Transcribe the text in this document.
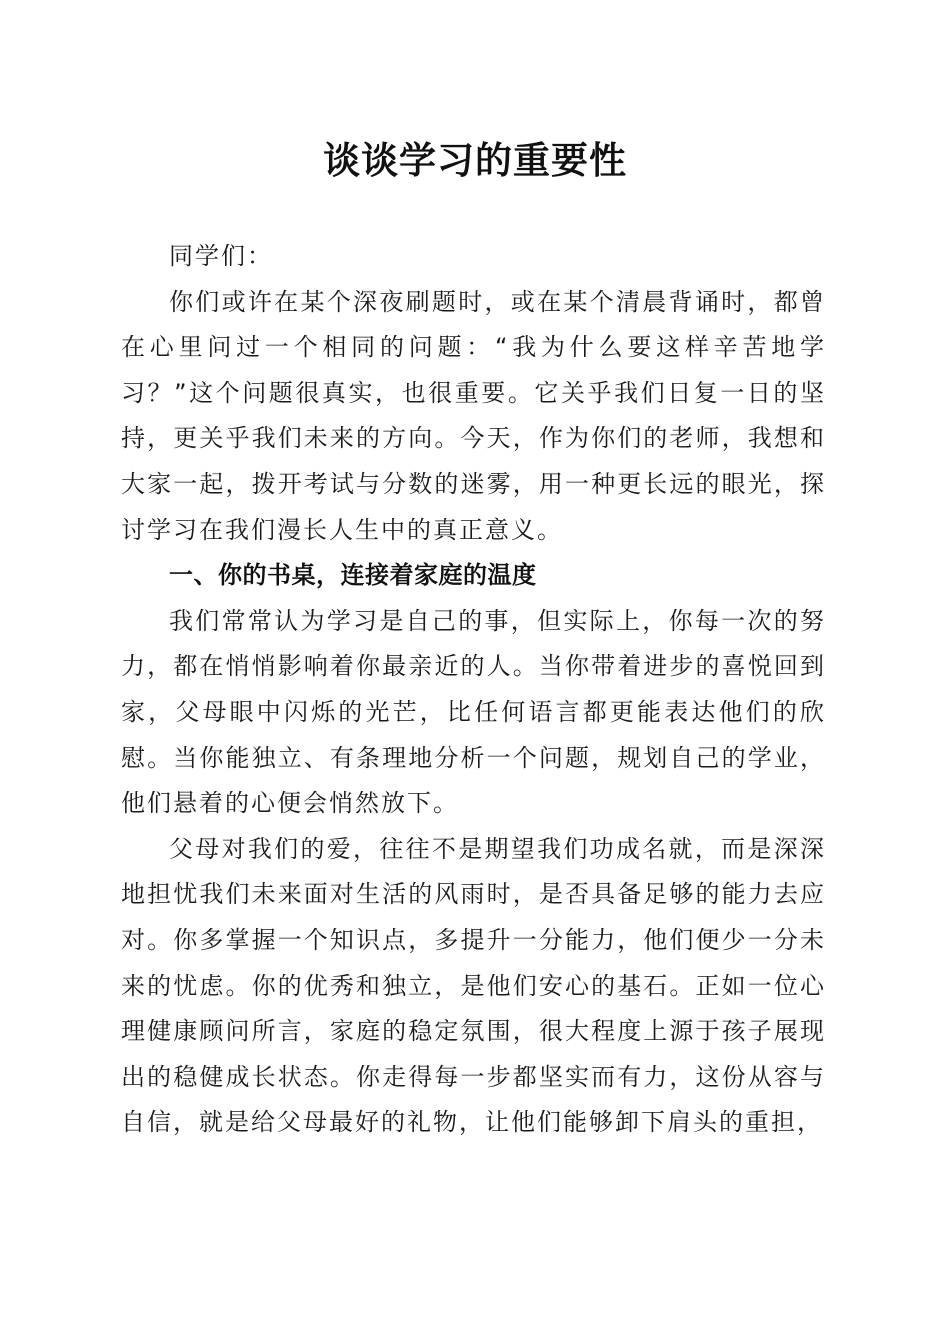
谈谈学习的重要性

同学们：

你们或许在某个深夜刷题时，或在某个清晨背诵时，都曾在心里问过一个相同的问题：“我为什么要这样辛苦地学习？”这个问题很真实，也很重要。它关乎我们日复一日的坚持，更关乎我们未来的方向。今天，作为你们的老师，我想和大家一起，拨开考试与分数的迷雾，用一种更长远的眼光，探讨学习在我们漫长人生中的真正意义。

一、你的书桌，连接着家庭的温度

我们常常认为学习是自己的事，但实际上，你每一次的努力，都在悄悄影响着你最亲近的人。当你带着进步的喜悦回到家，父母眼中闪烁的光芒，比任何语言都更能表达他们的欣慰。当你能独立、有条理地分析一个问题，规划自己的学业，他们悬着的心便会悄然放下。

父母对我们的爱，往往不是期望我们功成名就，而是深深地担忧我们未来面对生活的风雨时，是否具备足够的能力去应对。你多掌握一个知识点，多提升一分能力，他们便少一分未来的忧虑。你的优秀和独立，是他们安心的基石。正如一位心理健康顾问所言，家庭的稳定氛围，很大程度上源于孩子展现出的稳健成长状态。你走得每一步都坚实而有力，这份从容与自信，就是给父母最好的礼物，让他们能够卸下肩头的重担，
